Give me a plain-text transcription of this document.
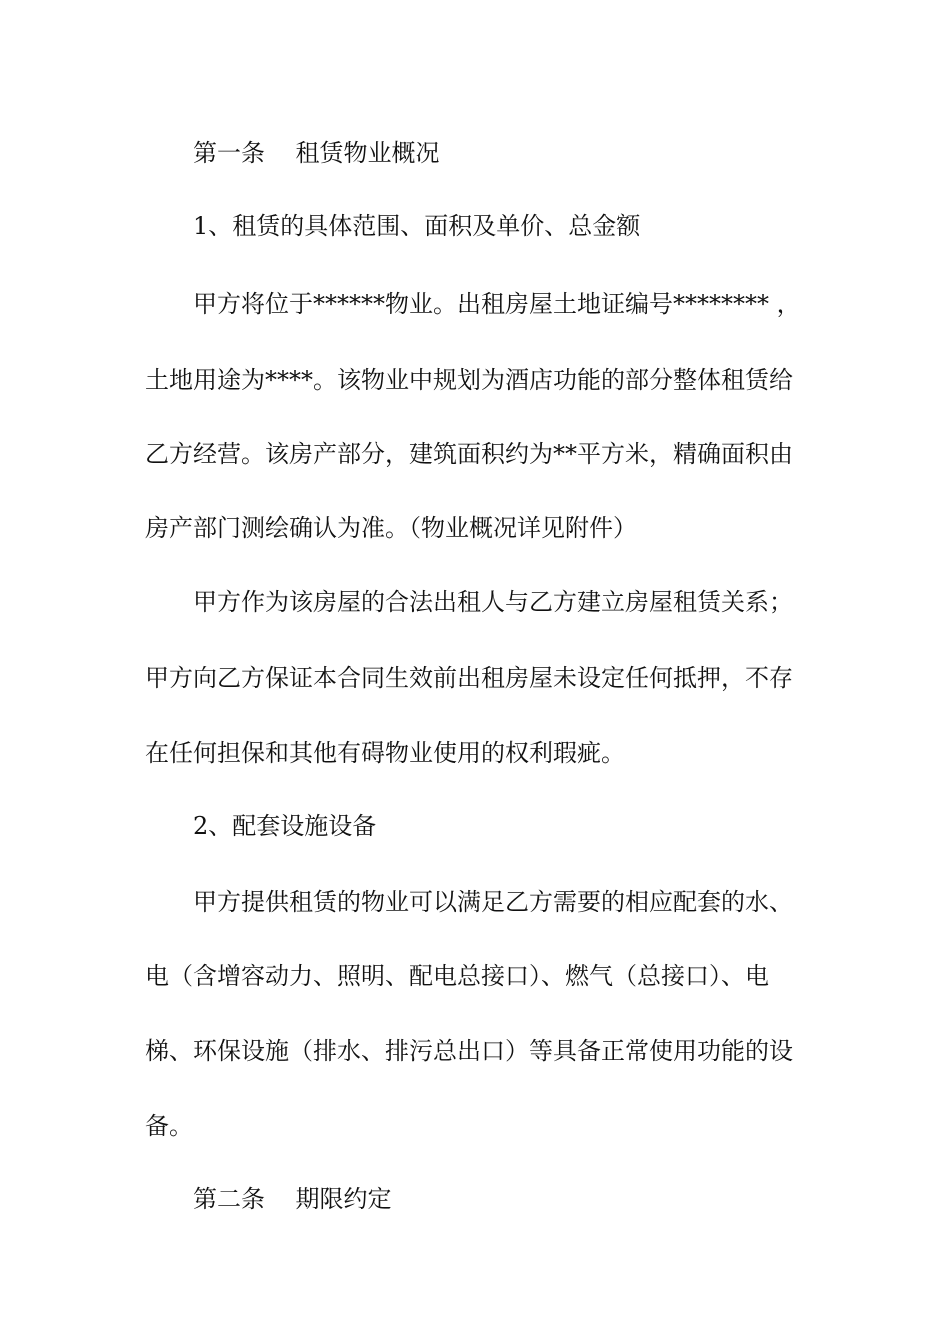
第一条    租赁物业概况
1、租赁的具体范围、面积及单价、总金额
甲方将位于******物业。出租房屋土地证编号******** ，
土地用途为****。该物业中规划为酒店功能的部分整体租赁给
乙方经营。该房产部分，建筑面积约为**平方米，精确面积由
房产部门测绘确认为准。（物业概况详见附件）
甲方作为该房屋的合法出租人与乙方建立房屋租赁关系；
甲方向乙方保证本合同生效前出租房屋未设定任何抵押，不存
在任何担保和其他有碍物业使用的权利瑕疵。
2、配套设施设备
甲方提供租赁的物业可以满足乙方需要的相应配套的水、
电（含增容动力、照明、配电总接口）、燃气（总接口）、电
梯、环保设施（排水、排污总出口）等具备正常使用功能的设
备。
第二条    期限约定
